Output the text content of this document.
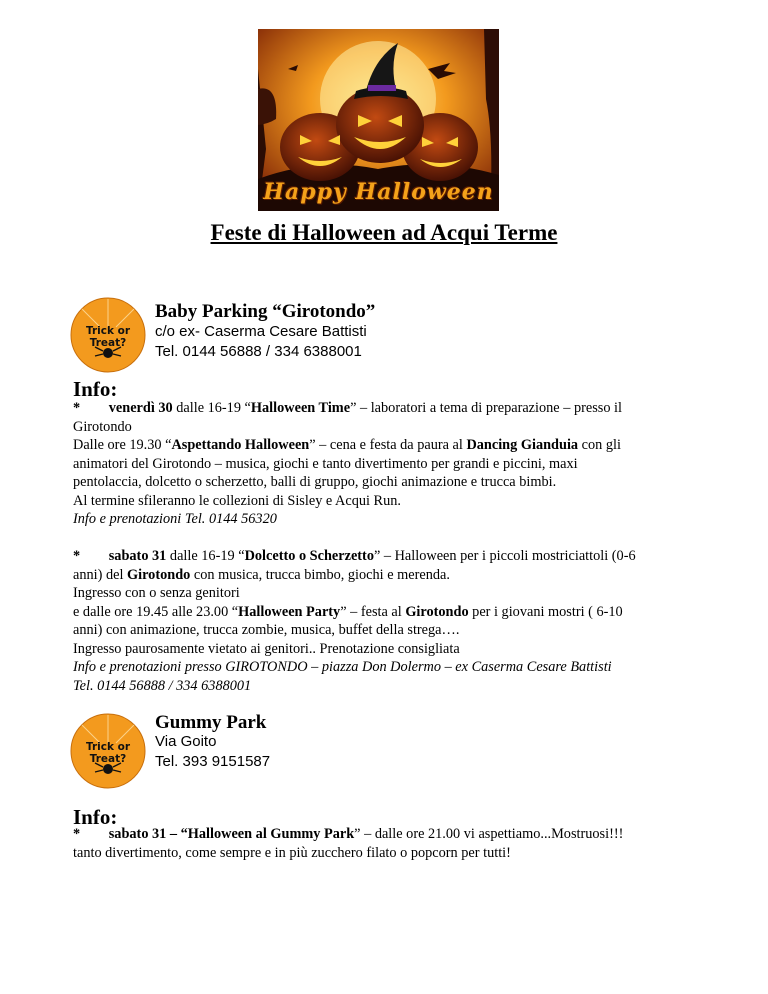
Happy Halloween
Feste di Halloween ad Acqui Terme
Trick or Treat?
Baby Parking “Girotondo”
c/o ex- Caserma Cesare Battisti
Tel. 0144 56888 / 334 6388001
Info:
*        venerdì 30 dalle 16-19 “Halloween Time” – laboratori a tema di preparazione – presso il
Girotondo
Dalle ore 19.30 “Aspettando Halloween” – cena e festa da paura al Dancing Gianduia con gli
animatori del Girotondo – musica, giochi e tanto divertimento per grandi e piccini, maxi
pentolaccia, dolcetto o scherzetto, balli di gruppo, giochi animazione e trucca bimbi.
Al termine sfileranno le collezioni di Sisley e Acqui Run.
Info e prenotazioni Tel. 0144 56320
*        sabato 31 dalle 16-19 “Dolcetto o Scherzetto” – Halloween per i piccoli mostriciattoli (0-6
anni) del Girotondo con musica, trucca bimbo, giochi e merenda.
Ingresso con o senza genitori
e dalle ore 19.45 alle 23.00 “Halloween Party” – festa al Girotondo per i giovani mostri ( 6-10
anni) con animazione, trucca zombie, musica, buffet della strega….
Ingresso paurosamente vietato ai genitori.. Prenotazione consigliata
Info e prenotazioni presso GIROTONDO – piazza Don Dolermo – ex Caserma Cesare Battisti
Tel. 0144 56888 / 334 6388001
Trick or Treat?
Gummy Park
Via Goito
Tel. 393 9151587
Info:
*        sabato 31 – “Halloween al Gummy Park” – dalle ore 21.00 vi aspettiamo...Mostruosi!!!
tanto divertimento, come sempre e in più zucchero filato o popcorn per tutti!
